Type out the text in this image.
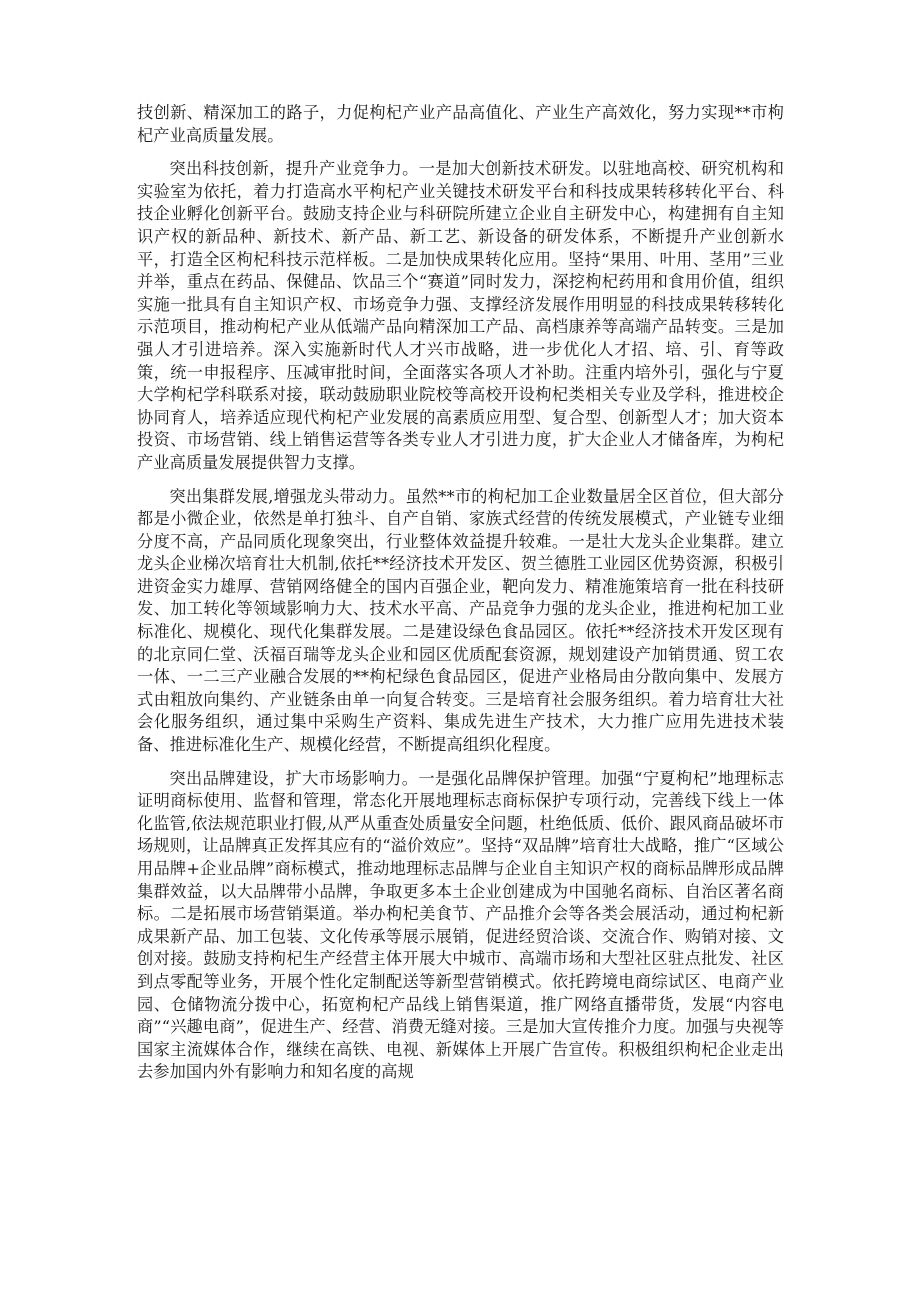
技创新、精深加工的路子，力促枸杞产业产品高值化、产业生产高效化，努力实现**市枸杞产业高质量发展。

突出科技创新，提升产业竞争力。一是加大创新技术研发。以驻地高校、研究机构和实验室为依托，着力打造高水平枸杞产业关键技术研发平台和科技成果转移转化平台、科技企业孵化创新平台。鼓励支持企业与科研院所建立企业自主研发中心，构建拥有自主知识产权的新品种、新技术、新产品、新工艺、新设备的研发体系，不断提升产业创新水平，打造全区枸杞科技示范样板。二是加快成果转化应用。坚持“果用、叶用、茎用”三业并举，重点在药品、保健品、饮品三个“赛道”同时发力，深挖枸杞药用和食用价值，组织实施一批具有自主知识产权、市场竞争力强、支撑经济发展作用明显的科技成果转移转化示范项目，推动枸杞产业从低端产品向精深加工产品、高档康养等高端产品转变。三是加强人才引进培养。深入实施新时代人才兴市战略，进一步优化人才招、培、引、育等政策，统一申报程序、压减审批时间，全面落实各项人才补助。注重内培外引，强化与宁夏大学枸杞学科联系对接，联动鼓励职业院校等高校开设枸杞类相关专业及学科，推进校企协同育人，培养适应现代枸杞产业发展的高素质应用型、复合型、创新型人才；加大资本投资、市场营销、线上销售运营等各类专业人才引进力度，扩大企业人才储备库，为枸杞产业高质量发展提供智力支撑。

突出集群发展,增强龙头带动力。虽然**市的枸杞加工企业数量居全区首位，但大部分都是小微企业，依然是单打独斗、自产自销、家族式经营的传统发展模式，产业链专业细分度不高，产品同质化现象突出，行业整体效益提升较难。一是壮大龙头企业集群。建立龙头企业梯次培育壮大机制,依托**经济技术开发区、贺兰德胜工业园区优势资源，积极引进资金实力雄厚、营销网络健全的国内百强企业，靶向发力、精准施策培育一批在科技研发、加工转化等领域影响力大、技术水平高、产品竞争力强的龙头企业，推进枸杞加工业标准化、规模化、现代化集群发展。二是建设绿色食品园区。依托**经济技术开发区现有的北京同仁堂、沃福百瑞等龙头企业和园区优质配套资源，规划建设产加销贯通、贸工农一体、一二三产业融合发展的**枸杞绿色食品园区，促进产业格局由分散向集中、发展方式由粗放向集约、产业链条由单一向复合转变。三是培育社会服务组织。着力培育壮大社会化服务组织，通过集中采购生产资料、集成先进生产技术，大力推广应用先进技术装备、推进标准化生产、规模化经营，不断提高组织化程度。

突出品牌建设，扩大市场影响力。一是强化品牌保护管理。加强“宁夏枸杞”地理标志证明商标使用、监督和管理，常态化开展地理标志商标保护专项行动，完善线下线上一体化监管,依法规范职业打假,从严从重查处质量安全问题，杜绝低质、低价、跟风商品破坏市场规则，让品牌真正发挥其应有的“溢价效应”。坚持“双品牌”培育壮大战略，推广“区域公用品牌+企业品牌”商标模式，推动地理标志品牌与企业自主知识产权的商标品牌形成品牌集群效益，以大品牌带小品牌，争取更多本土企业创建成为中国驰名商标、自治区著名商标。二是拓展市场营销渠道。举办枸杞美食节、产品推介会等各类会展活动，通过枸杞新成果新产品、加工包装、文化传承等展示展销，促进经贸洽谈、交流合作、购销对接、文创对接。鼓励支持枸杞生产经营主体开展大中城市、高端市场和大型社区驻点批发、社区到点零配等业务，开展个性化定制配送等新型营销模式。依托跨境电商综试区、电商产业园、仓储物流分拨中心，拓宽枸杞产品线上销售渠道，推广网络直播带货，发展“内容电商”“兴趣电商”，促进生产、经营、消费无缝对接。三是加大宣传推介力度。加强与央视等国家主流媒体合作，继续在高铁、电视、新媒体上开展广告宣传。积极组织枸杞企业走出去参加国内外有影响力和知名度的高规
